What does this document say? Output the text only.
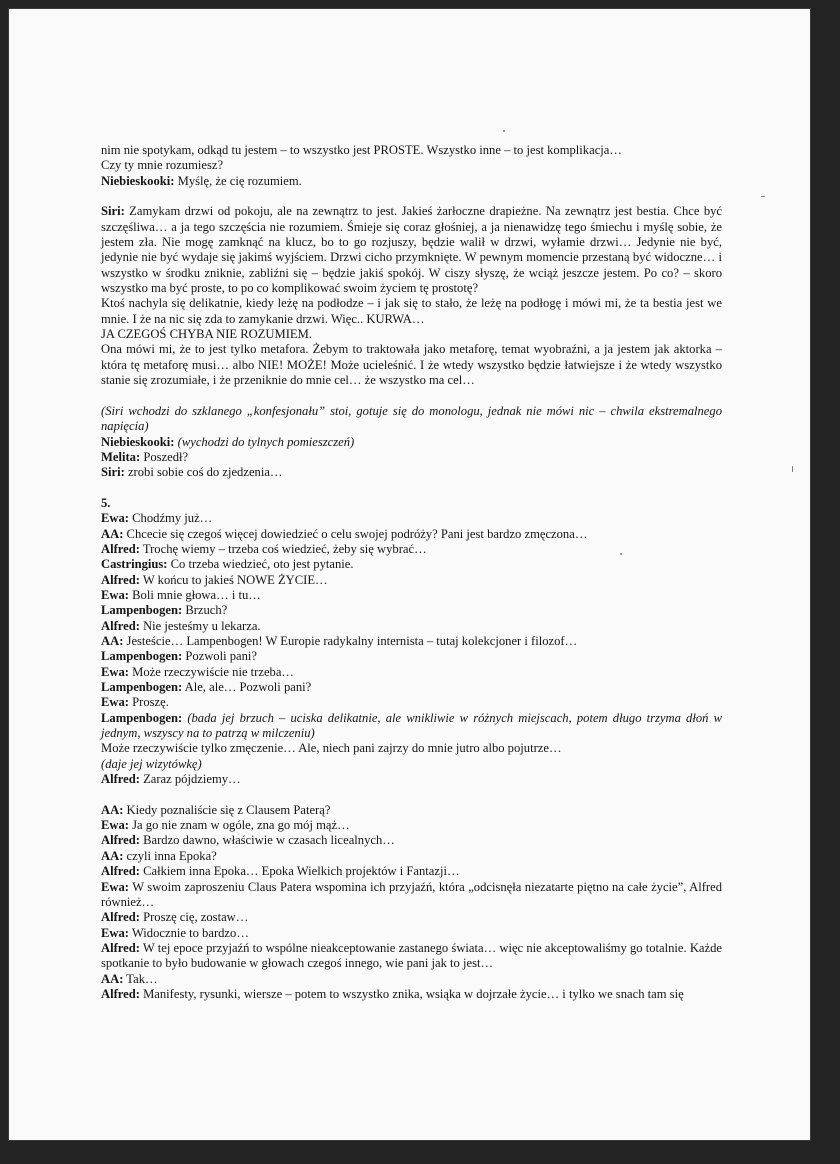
nim nie spotykam, odkąd tu jestem – to wszystko jest PROSTE. Wszystko inne – to jest komplikacja…
Czy ty mnie rozumiesz?
Niebieskooki: Myślę, że cię rozumiem.
Siri: Zamykam drzwi od pokoju, ale na zewnątrz to jest. Jakieś żarłoczne drapieżne. Na zewnątrz jest bestia. Chce być szczęśliwa… a ja tego szczęścia nie rozumiem. Śmieje się coraz głośniej, a ja nienawidzę tego śmiechu i myślę sobie, że jestem zła. Nie mogę zamknąć na klucz, bo to go rozjuszy, będzie walił w drzwi, wyłamie drzwi… Jedynie nie być, jedynie nie być wydaje się jakimś wyjściem. Drzwi cicho przymknięte. W pewnym momencie przestaną być widoczne… i wszystko w środku zniknie, zabliźni się – będzie jakiś spokój. W ciszy słyszę, że wciąż jeszcze jestem. Po co? – skoro wszystko ma być proste, to po co komplikować swoim życiem tę prostotę?
Ktoś nachyla się delikatnie, kiedy leżę na podłodze – i jak się to stało, że leżę na podłogę i mówi mi, że ta bestia jest we mnie. I że na nic się zda to zamykanie drzwi. Więc.. KURWA…
JA CZEGOŚ CHYBA NIE ROZUMIEM.
Ona mówi mi, że to jest tylko metafora. Żebym to traktowała jako metaforę, temat wyobraźni, a ja jestem jak aktorka – która tę metaforę musi… albo NIE! MOŻE! Może ucieleśnić. I że wtedy wszystko będzie łatwiejsze i że wtedy wszystko stanie się zrozumiałe, i że przeniknie do mnie cel… że wszystko ma cel…
(Siri wchodzi do szklanego „konfesjonału” stoi, gotuje się do monologu, jednak nie mówi nic – chwila ekstremalnego napięcia)
Niebieskooki: (wychodzi do tylnych pomieszczeń)
Melita: Poszedł?
Siri: zrobi sobie coś do zjedzenia…
5.
Ewa: Chodźmy już…
AA: Chcecie się czegoś więcej dowiedzieć o celu swojej podróży? Pani jest bardzo zmęczona…
Alfred: Trochę wiemy – trzeba coś wiedzieć, żeby się wybrać…
Castringius: Co trzeba wiedzieć, oto jest pytanie.
Alfred: W końcu to jakieś NOWE ŻYCIE…
Ewa: Boli mnie głowa… i tu…
Lampenbogen: Brzuch?
Alfred: Nie jesteśmy u lekarza.
AA: Jesteście… Lampenbogen! W Europie radykalny internista – tutaj kolekcjoner i filozof…
Lampenbogen: Pozwoli pani?
Ewa: Może rzeczywiście nie trzeba…
Lampenbogen: Ale, ale… Pozwoli pani?
Ewa: Proszę.
Lampenbogen: (bada jej brzuch – uciska delikatnie, ale wnikliwie w różnych miejscach, potem długo trzyma dłoń w jednym, wszyscy na to patrzą w milczeniu)
Może rzeczywiście tylko zmęczenie… Ale, niech pani zajrzy do mnie jutro albo pojutrze…
(daje jej wizytówkę)
Alfred: Zaraz pójdziemy…
AA: Kiedy poznaliście się z Clausem Paterą?
Ewa: Ja go nie znam w ogóle, zna go mój mąż…
Alfred: Bardzo dawno, właściwie w czasach licealnych…
AA: czyli inna Epoka?
Alfred: Całkiem inna Epoka… Epoka Wielkich projektów i Fantazji…
Ewa: W swoim zaproszeniu Claus Patera wspomina ich przyjaźń, która „odcisnęła niezatarte piętno na całe życie”, Alfred również…
Alfred: Proszę cię, zostaw…
Ewa: Widocznie to bardzo…
Alfred: W tej epoce przyjaźń to wspólne nieakceptowanie zastanego świata… więc nie akceptowaliśmy go totalnie. Każde spotkanie to było budowanie w głowach czegoś innego, wie pani jak to jest…
AA: Tak…
Alfred: Manifesty, rysunki, wiersze – potem to wszystko znika, wsiąka w dojrzałe życie… i tylko we snach tam się
